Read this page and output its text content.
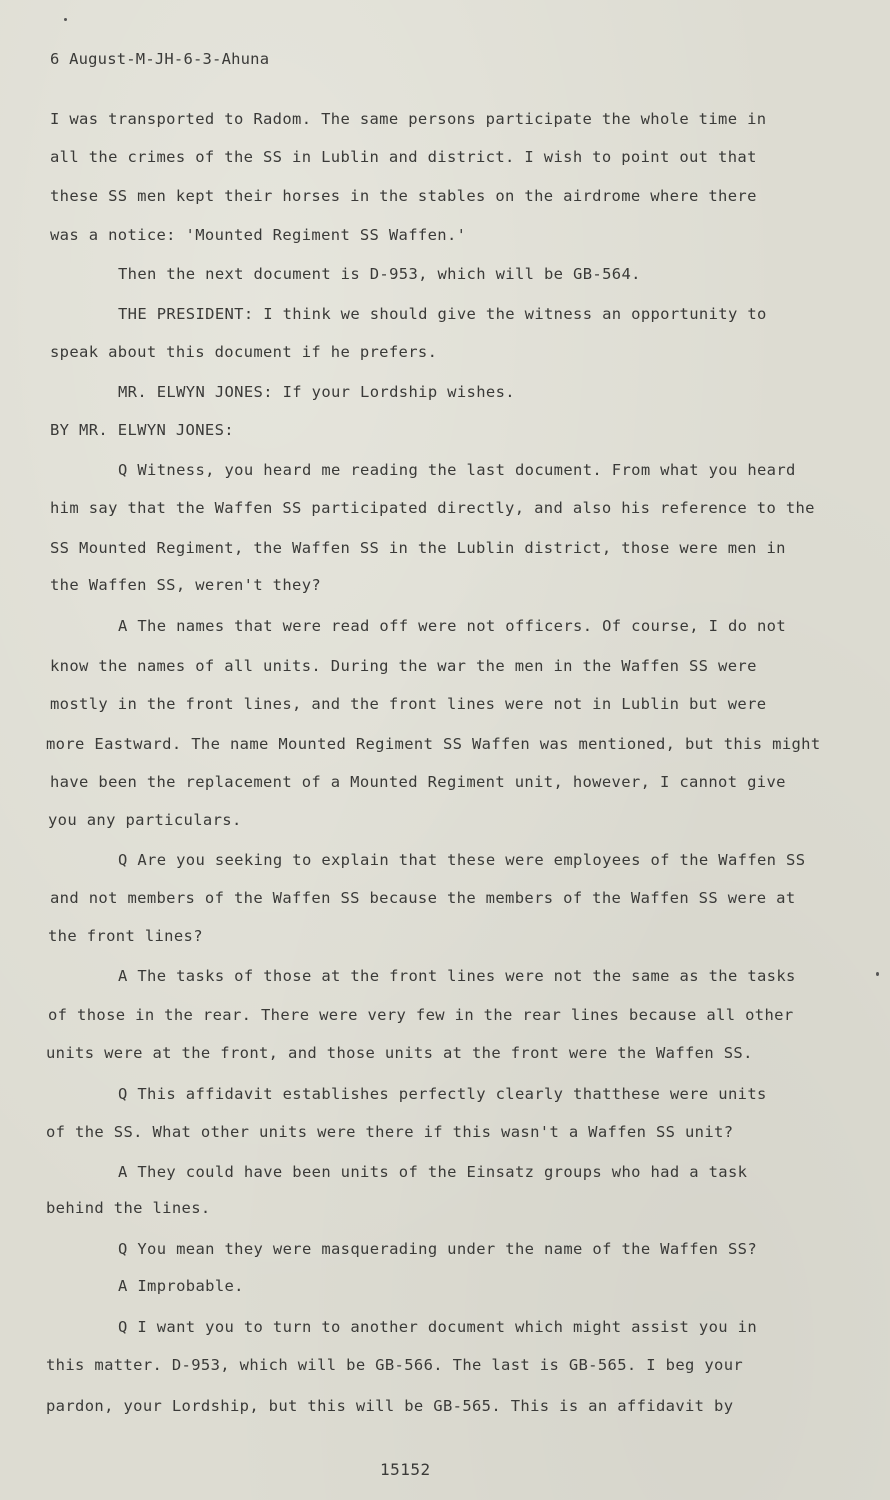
6 August-M-JH-6-3-Ahuna
I was transported to Radom. The same persons participate the whole time in
all the crimes of the SS in Lublin and district. I wish to point out that
these SS men kept their horses in the stables on the airdrome where there
was a notice: 'Mounted Regiment SS Waffen.'
Then the next document is D-953, which will be GB-564.
THE PRESIDENT: I think we should give the witness an opportunity to
speak about this document if he prefers.
MR. ELWYN JONES: If your Lordship wishes.
BY MR. ELWYN JONES:
Q Witness, you heard me reading the last document. From what you heard
him say that the Waffen SS participated directly, and also his reference to the
SS Mounted Regiment, the Waffen SS in the Lublin district, those were men in
the Waffen SS, weren't they?
A The names that were read off were not officers. Of course, I do not
know the names of all units. During the war the men in the Waffen SS were
mostly in the front lines, and the front lines were not in Lublin but were
more Eastward. The name Mounted Regiment SS Waffen was mentioned, but this might
have been the replacement of a Mounted Regiment unit, however, I cannot give
you any particulars.
Q Are you seeking to explain that these were employees of the Waffen SS
and not members of the Waffen SS because the members of the Waffen SS were at
the front lines?
A The tasks of those at the front lines were not the same as the tasks
of those in the rear. There were very few in the rear lines because all other
units were at the front, and those units at the front were the Waffen SS.
Q This affidavit establishes perfectly clearly thatthese were units
of the SS. What other units were there if this wasn't a Waffen SS unit?
A They could have been units of the Einsatz groups who had a task
behind the lines.
Q You mean they were masquerading under the name of the Waffen SS?
A Improbable.
Q I want you to turn to another document which might assist you in
this matter. D-953, which will be GB-566. The last is GB-565. I beg your
pardon, your Lordship, but this will be GB-565. This is an affidavit by
15152
